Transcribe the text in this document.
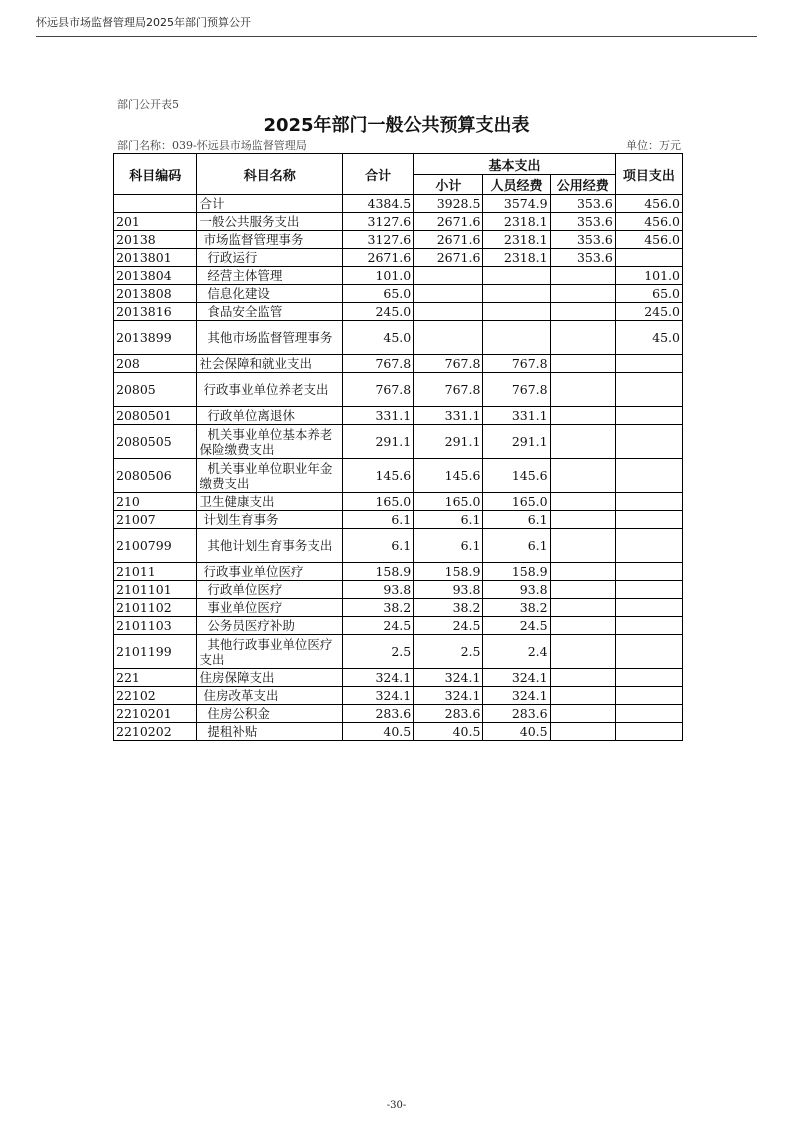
怀远县市场监督管理局2025年部门预算公开
部门公开表5
2025年部门一般公共预算支出表
部门名称：039-怀远县市场监督管理局	单位：万元
科目编码	科目名称	合计	基本支出			项目支出
			小计	人员经费	公用经费	
	合计	4384.5	3928.5	3574.9	353.6	456.0
201	一般公共服务支出	3127.6	2671.6	2318.1	353.6	456.0
20138	市场监督管理事务	3127.6	2671.6	2318.1	353.6	456.0
2013801	行政运行	2671.6	2671.6	2318.1	353.6	
2013804	经营主体管理	101.0				101.0
2013808	信息化建设	65.0				65.0
2013816	食品安全监管	245.0				245.0
2013899	其他市场监督管理事务	45.0				45.0
208	社会保障和就业支出	767.8	767.8	767.8		
20805	行政事业单位养老支出	767.8	767.8	767.8		
2080501	行政单位离退休	331.1	331.1	331.1		
2080505	机关事业单位基本养老保险缴费支出	291.1	291.1	291.1		
2080506	机关事业单位职业年金缴费支出	145.6	145.6	145.6		
210	卫生健康支出	165.0	165.0	165.0		
21007	计划生育事务	6.1	6.1	6.1		
2100799	其他计划生育事务支出	6.1	6.1	6.1		
21011	行政事业单位医疗	158.9	158.9	158.9		
2101101	行政单位医疗	93.8	93.8	93.8		
2101102	事业单位医疗	38.2	38.2	38.2		
2101103	公务员医疗补助	24.5	24.5	24.5		
2101199	其他行政事业单位医疗支出	2.5	2.5	2.4		
221	住房保障支出	324.1	324.1	324.1		
22102	住房改革支出	324.1	324.1	324.1		
2210201	住房公积金	283.6	283.6	283.6		
2210202	提租补贴	40.5	40.5	40.5		
-30-
